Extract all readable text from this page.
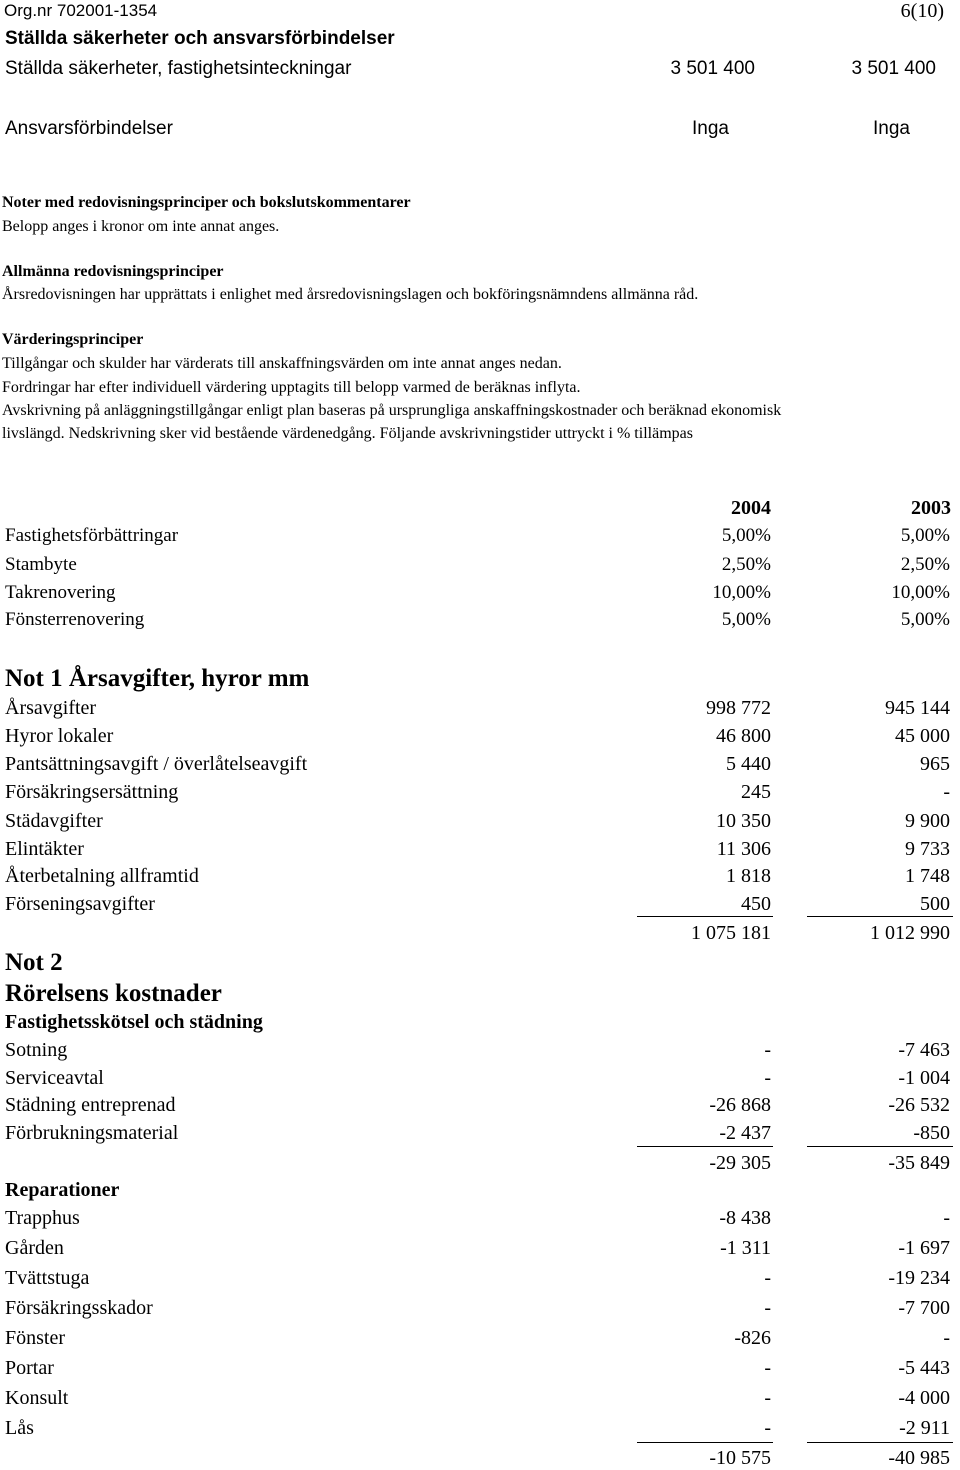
Org.nr 702001-1354	6(10)
Ställda säkerheter och ansvarsförbindelser
Ställda säkerheter, fastighetsinteckningar	3 501 400	3 501 400
Ansvarsförbindelser	Inga	Inga
Noter med redovisningsprinciper och bokslutskommentarer
Belopp anges i kronor om inte annat anges.
Allmänna redovisningsprinciper
Årsredovisningen har upprättats i enlighet med årsredovisningslagen och bokföringsnämndens allmänna råd.
Värderingsprinciper
Tillgångar och skulder har värderats till anskaffningsvärden om inte annat anges nedan.
Fordringar har efter individuell värdering upptagits till belopp varmed de beräknas inflyta.
Avskrivning på anläggningstillgångar enligt plan baseras på ursprungliga anskaffningskostnader och beräknad ekonomisk
livslängd. Nedskrivning sker vid bestående värdenedgång. Följande avskrivningstider uttryckt i % tillämpas
2004	2003
Fastighetsförbättringar	5,00%	5,00%
Stambyte	2,50%	2,50%
Takrenovering	10,00%	10,00%
Fönsterrenovering	5,00%	5,00%
Not 1 Årsavgifter, hyror mm
Årsavgifter	998 772	945 144
Hyror lokaler	46 800	45 000
Pantsättningsavgift / överlåtelseavgift	5 440	965
Försäkringsersättning	245	-
Städavgifter	10 350	9 900
Elintäkter	11 306	9 733
Återbetalning allframtid	1 818	1 748
Förseningsavgifter	450	500
1 075 181	1 012 990
Not 2
Rörelsens kostnader
Fastighetsskötsel och städning
Sotning	-	-7 463
Serviceavtal	-	-1 004
Städning entreprenad	-26 868	-26 532
Förbrukningsmaterial	-2 437	-850
-29 305	-35 849
Reparationer
Trapphus	-8 438	-
Gården	-1 311	-1 697
Tvättstuga	-	-19 234
Försäkringsskador	-	-7 700
Fönster	-826	-
Portar	-	-5 443
Konsult	-	-4 000
Lås	-	-2 911
-10 575	-40 985
